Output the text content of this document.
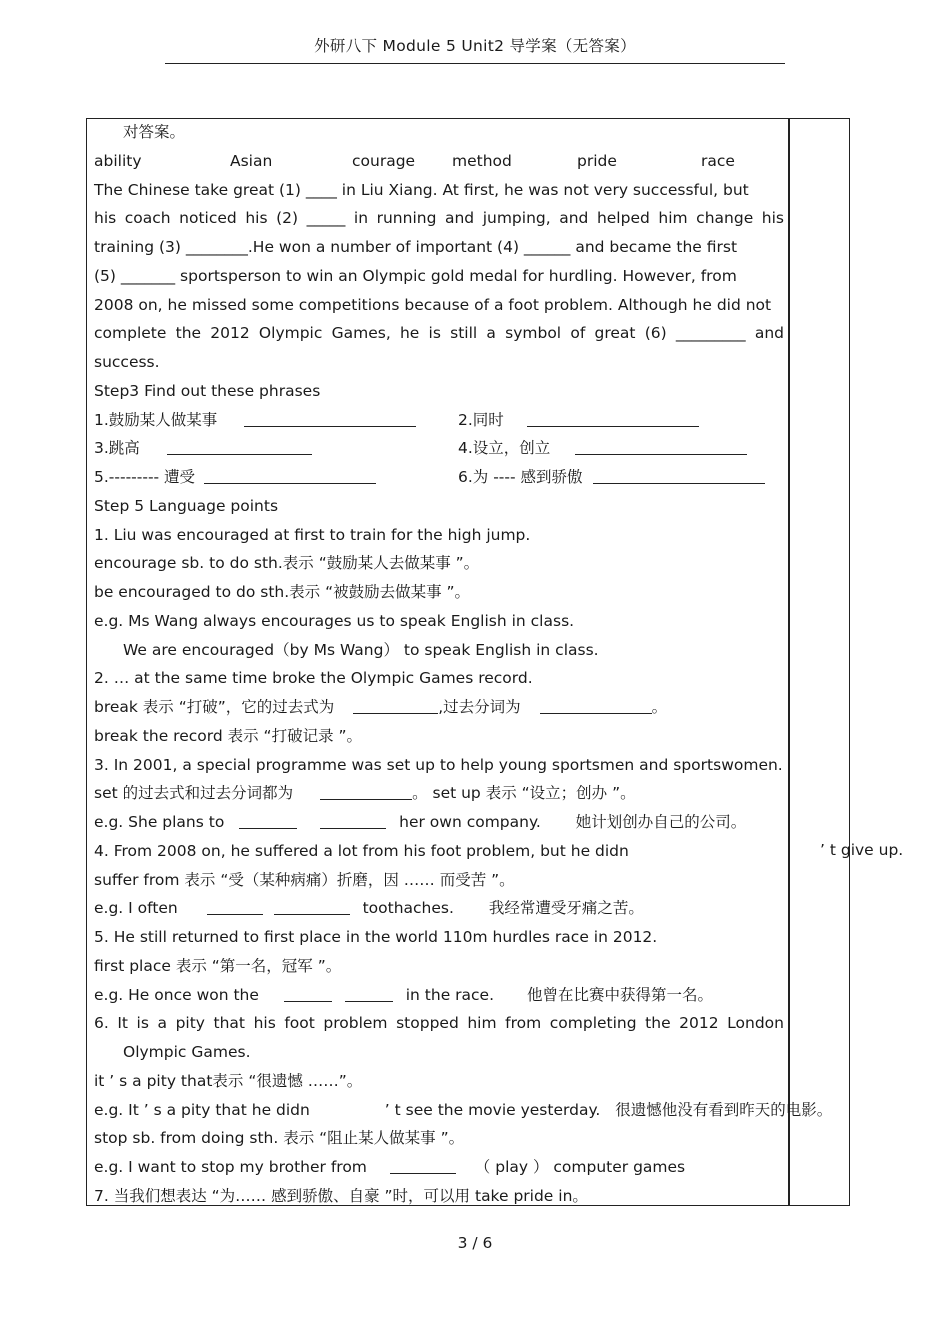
外研八下 Module 5 Unit2 导学案（无答案）
对答案。
ability	Asian	courage	method	pride	race
The Chinese take great (1) ____ in Liu Xiang. At first, he was not very successful, but
his coach noticed his (2) _____ in running and jumping, and helped him change his
training (3) ________.He won a number of important (4) ______ and became the first
(5) _______ sportsperson to win an Olympic gold medal for hurdling. However, from
2008 on, he missed some competitions because of a foot problem. Although he did not
complete the 2012 Olympic Games, he is still a symbol of great (6) _________ and
success.
Step3 Find out these phrases
1.鼓励某人做某事	2.同时
3.跳高	4.设立，创立
5.--------- 遭受	6.为 ---- 感到骄傲
Step 5 Language points
1. Liu was encouraged at first to train for the high jump.
encourage sb. to do sth.表示 “鼓励某人去做某事 ”。
be encouraged to do sth.表示 “被鼓励去做某事 ”。
e.g. Ms Wang always encourages us to speak English in class.
We are encouraged（by Ms Wang） to speak English in class.
2. … at the same time broke the Olympic Games record.
break 表示 “打破”，它的过去式为	,过去分词为	。
break the record 表示 “打破记录 ”。
3. In 2001, a special programme was set up to help young sportsmen and sportswomen.
set 的过去式和过去分词都为	。 set up 表示 “设立；创办 ”。
e.g. She plans to	her own company. 她计划创办自己的公司。
4. From 2008 on, he suffered a lot from his foot problem, but he didn
suffer from 表示 “受（某种病痛）折磨，因 …… 而受苦 ”。
e.g. I often	toothaches. 我经常遭受牙痛之苦。
5. He still returned to first place in the world 110m hurdles race in 2012.
first place 表示 “第一名，冠军 ”。
e.g. He once won the	in the race. 他曾在比赛中获得第一名。
6. It is a pity that his foot problem stopped him from completing the 2012 London
Olympic Games.
it ’ s a pity that表示 “很遗憾 ……”。
e.g. It ’ s a pity that he didn	’ t see the movie yesterday. 很遗憾他没有看到昨天的电影。
stop sb. from doing sth. 表示 “阻止某人做某事 ”。
e.g. I want to stop my brother from	（ play ） computer games
7. 当我们想表达 “为…… 感到骄傲、自豪 ”时，可以用 take pride in。
’ t give up.
3 / 6
